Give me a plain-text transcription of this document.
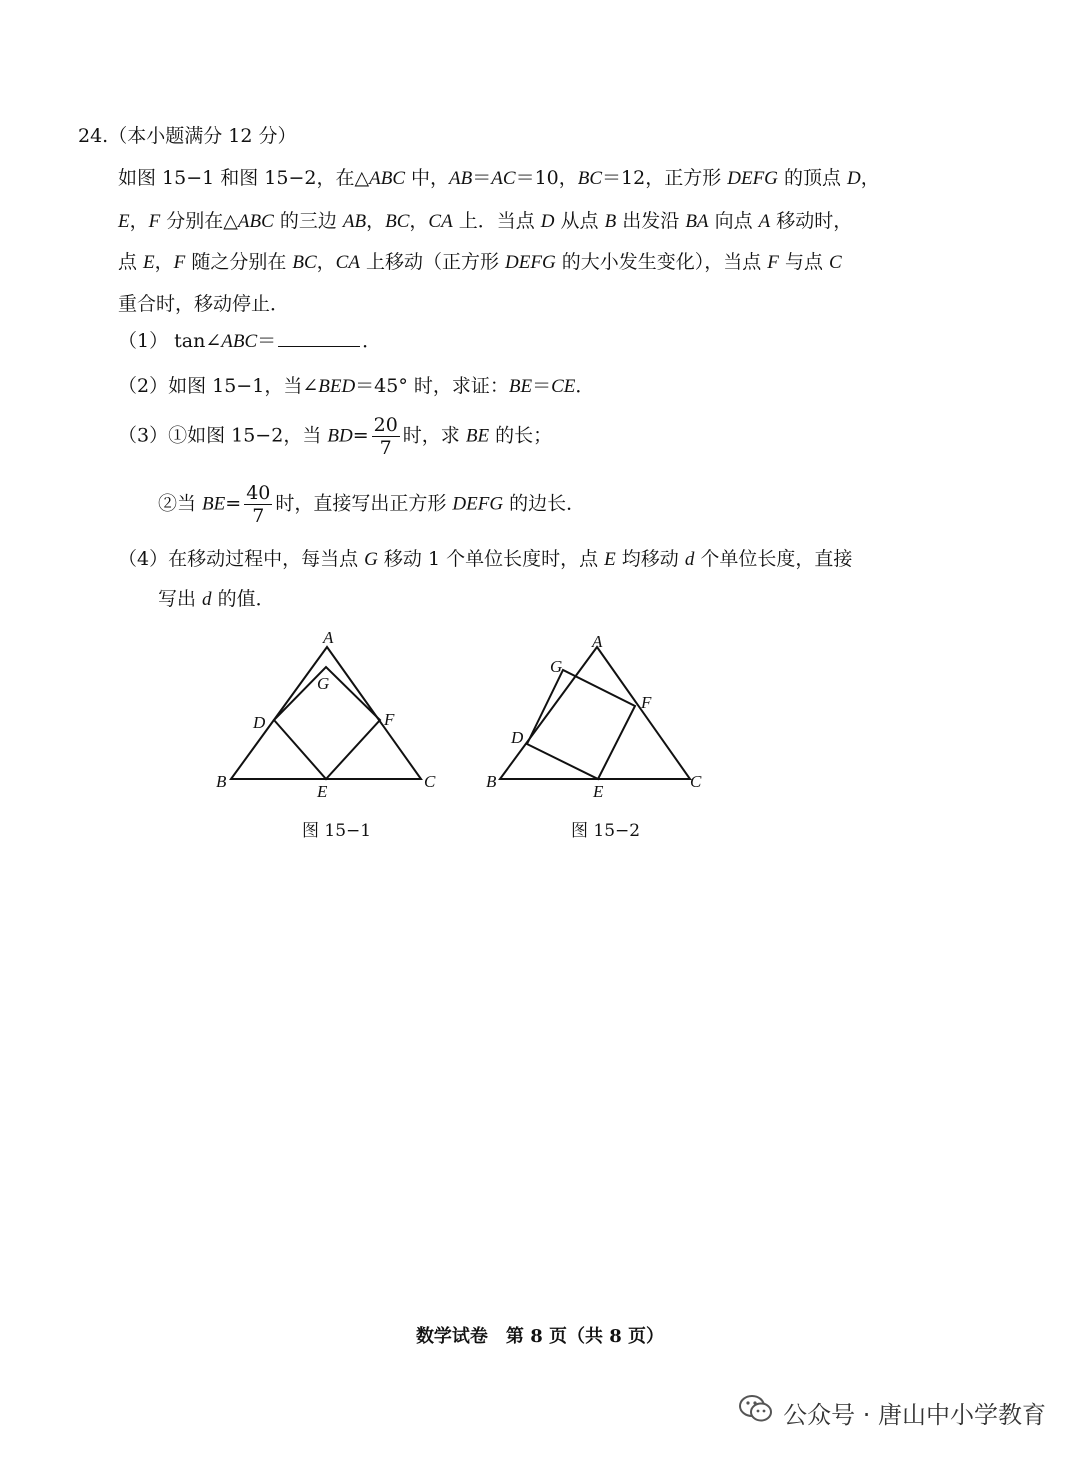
24.（本小题满分 12 分）
如图 15−1 和图 15−2，在△ABC 中，AB＝AC＝10，BC＝12，正方形 DEFG 的顶点 D，
E，F 分别在△ABC 的三边 AB，BC，CA 上．当点 D 从点 B 出发沿 BA 向点 A 移动时，
点 E，F 随之分别在 BC，CA 上移动（正方形 DEFG 的大小发生变化），当点 F 与点 C
重合时，移动停止．
（1） tan∠ABC＝	．
（2）如图 15−1，当∠BED＝45° 时，求证：BE＝CE．
（3）①如图 15−2，当 $BD= \frac{20}{7}$ 时，求 BE 的长；
②当 $BE= \frac{40}{7}$ 时，直接写出正方形 DEFG 的边长．
（4）在移动过程中，每当点 G 移动 1 个单位长度时，点 E 均移动 d 个单位长度，直接
写出 d 的值．
A
G
D	F
B
E
C
图 15−1
A
G
F
D
B
E
C
图 15−2
数学试卷　第 8 页（共 8 页）
公众号 · 唐山中小学教育
